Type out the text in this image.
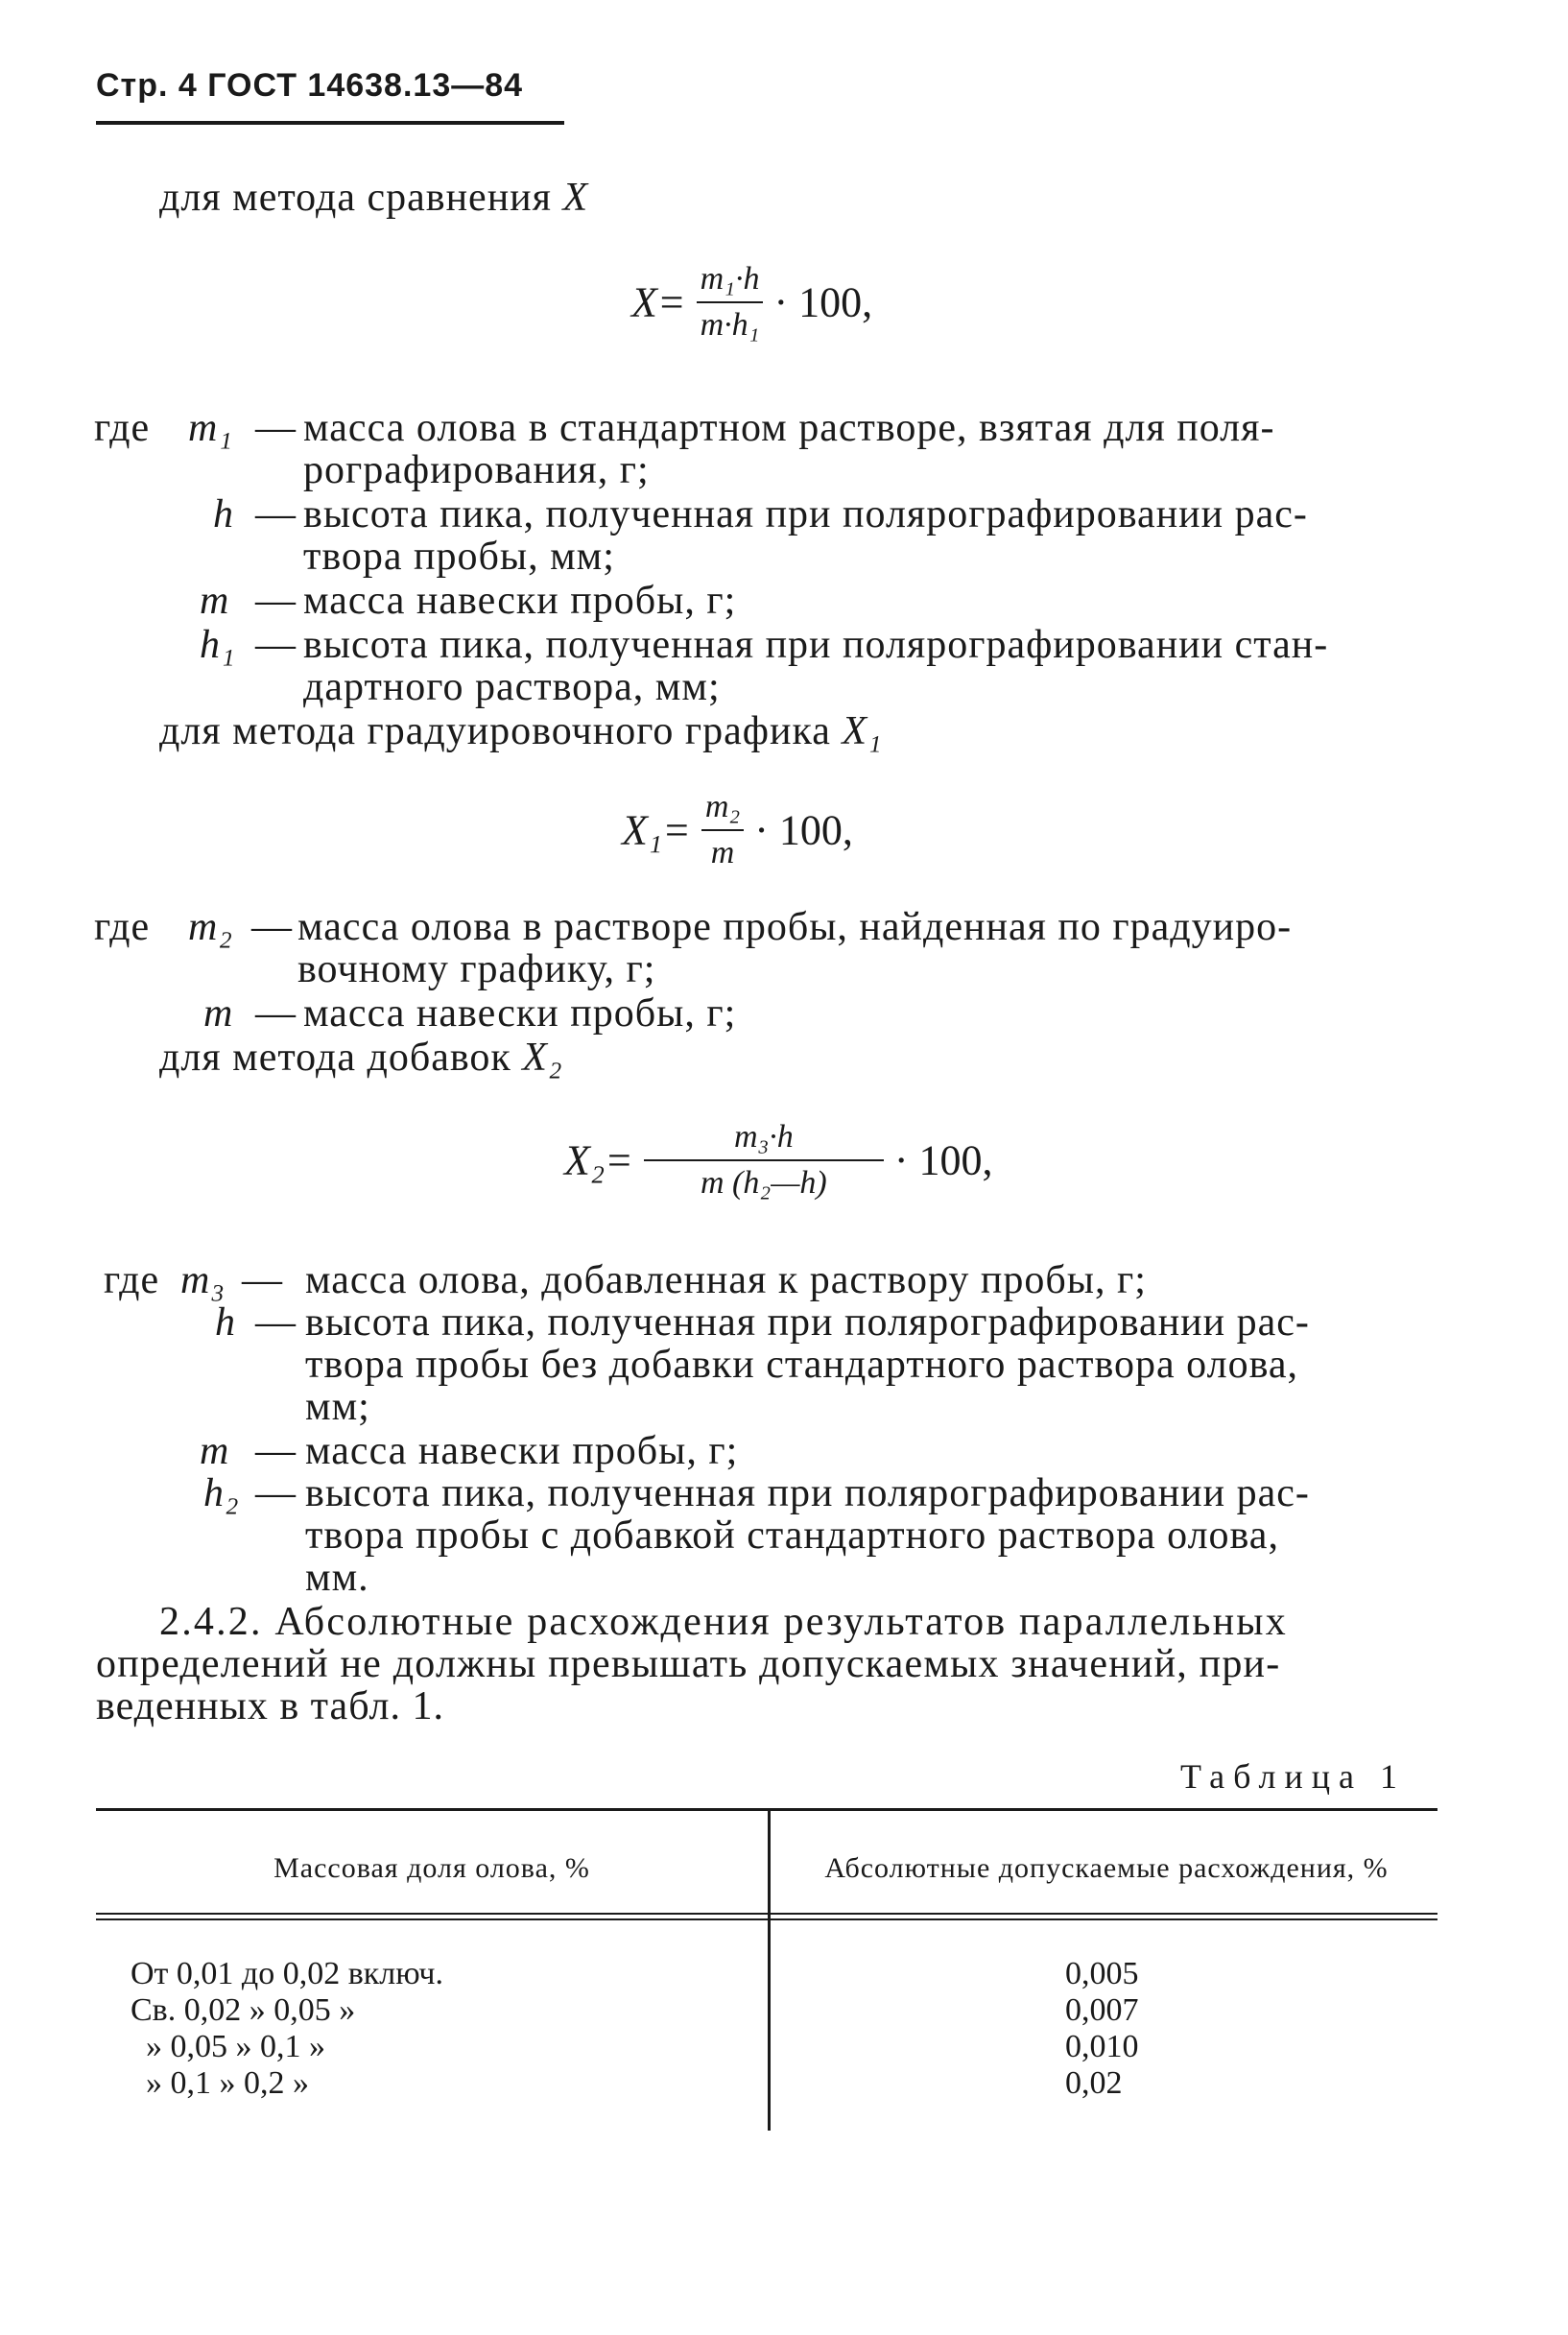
Стр. 4 ГОСТ 14638.13—84
для метода сравнения X
$X= \frac{\text{m₁·h}}{\text{m·h₁}} \cdot 100$,
где m₁ — масса олова в стандартном растворе, взятая для поля-
рографирования, г;
h — высота пика, полученная при полярографировании рас-
твора пробы, мм;
m — масса навески пробы, г;
h₁ — высота пика, полученная при полярографировании стан-
дартного раствора, мм;
для метода градуировочного графика X₁
$X_1= \frac{\text{m₂}}{m} \cdot 100$,
где m₂ — масса олова в растворе пробы, найденная по градуиро-
вочному графику, г;
m — масса навески пробы, г;
для метода добавок X₂
$X_2= \frac{\text{m₃·h}}{\text{m (h₂—h)}} \cdot 100$,
где m₃ — масса олова, добавленная к раствору пробы, г;
h — высота пика, полученная при полярографировании рас-
твора пробы без добавки стандартного раствора олова,
мм;
m — масса навески пробы, г;
h₂ — высота пика, полученная при полярографировании рас-
твора пробы с добавкой стандартного раствора олова,
мм.
2.4.2. Абсолютные расхождения результатов параллельных
определений не должны превышать допускаемых значений, при-
веденных в табл. 1.
Таблица 1
Массовая доля олова, %	Абсолютные допускаемые расхождения, %
От 0,01 до 0,02 включ.	0,005
Св. 0,02 » 0,05 »	0,007
» 0,05 » 0,1 »	0,010
» 0,1 » 0,2 »	0,02
